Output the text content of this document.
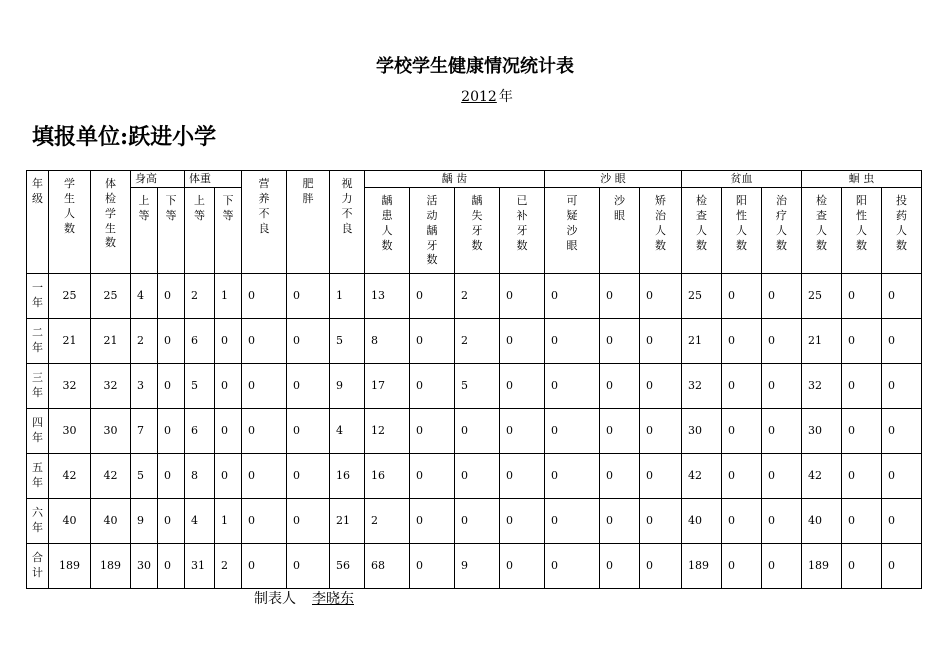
学校学生健康情况统计表
2012 年
填报单位:跃进小学
年
级	学
生
人
数	体
检
学
生
数	身高		体重		营
养
不
良	肥
胖	视
力
不
良	龋 齿				沙 眼			贫血			蛔 虫		

			上
等	下
等	上
等	下
等				龋
患
人
数	活
动
龋
牙
数	龋
失
牙
数	已
补
牙
数	可
疑
沙
眼	沙
眼	矫
治
人
数	检
查
人
数	阳
性
人
数	治
疗
人
数	检
查
人
数	阳
性
人
数	投
药
人
数

一
年	25	25	4	0	2	1	0	0	1	13	0	2	0	0	0	0	25	0	0	25	0	0

二
年	21	21	2	0	6	0	0	0	5	8	0	2	0	0	0	0	21	0	0	21	0	0

三
年	32	32	3	0	5	0	0	0	9	17	0	5	0	0	0	0	32	0	0	32	0	0

四
年	30	30	7	0	6	0	0	0	4	12	0	0	0	0	0	0	30	0	0	30	0	0

五
年	42	42	5	0	8	0	0	0	16	16	0	0	0	0	0	0	42	0	0	42	0	0

六
年	40	40	9	0	4	1	0	0	21	2	0	0	0	0	0	0	40	0	0	40	0	0

合
计	189	189	30	0	31	2	0	0	56	68	0	9	0	0	0	0	189	0	0	189	0	0
制表人 李晓东
